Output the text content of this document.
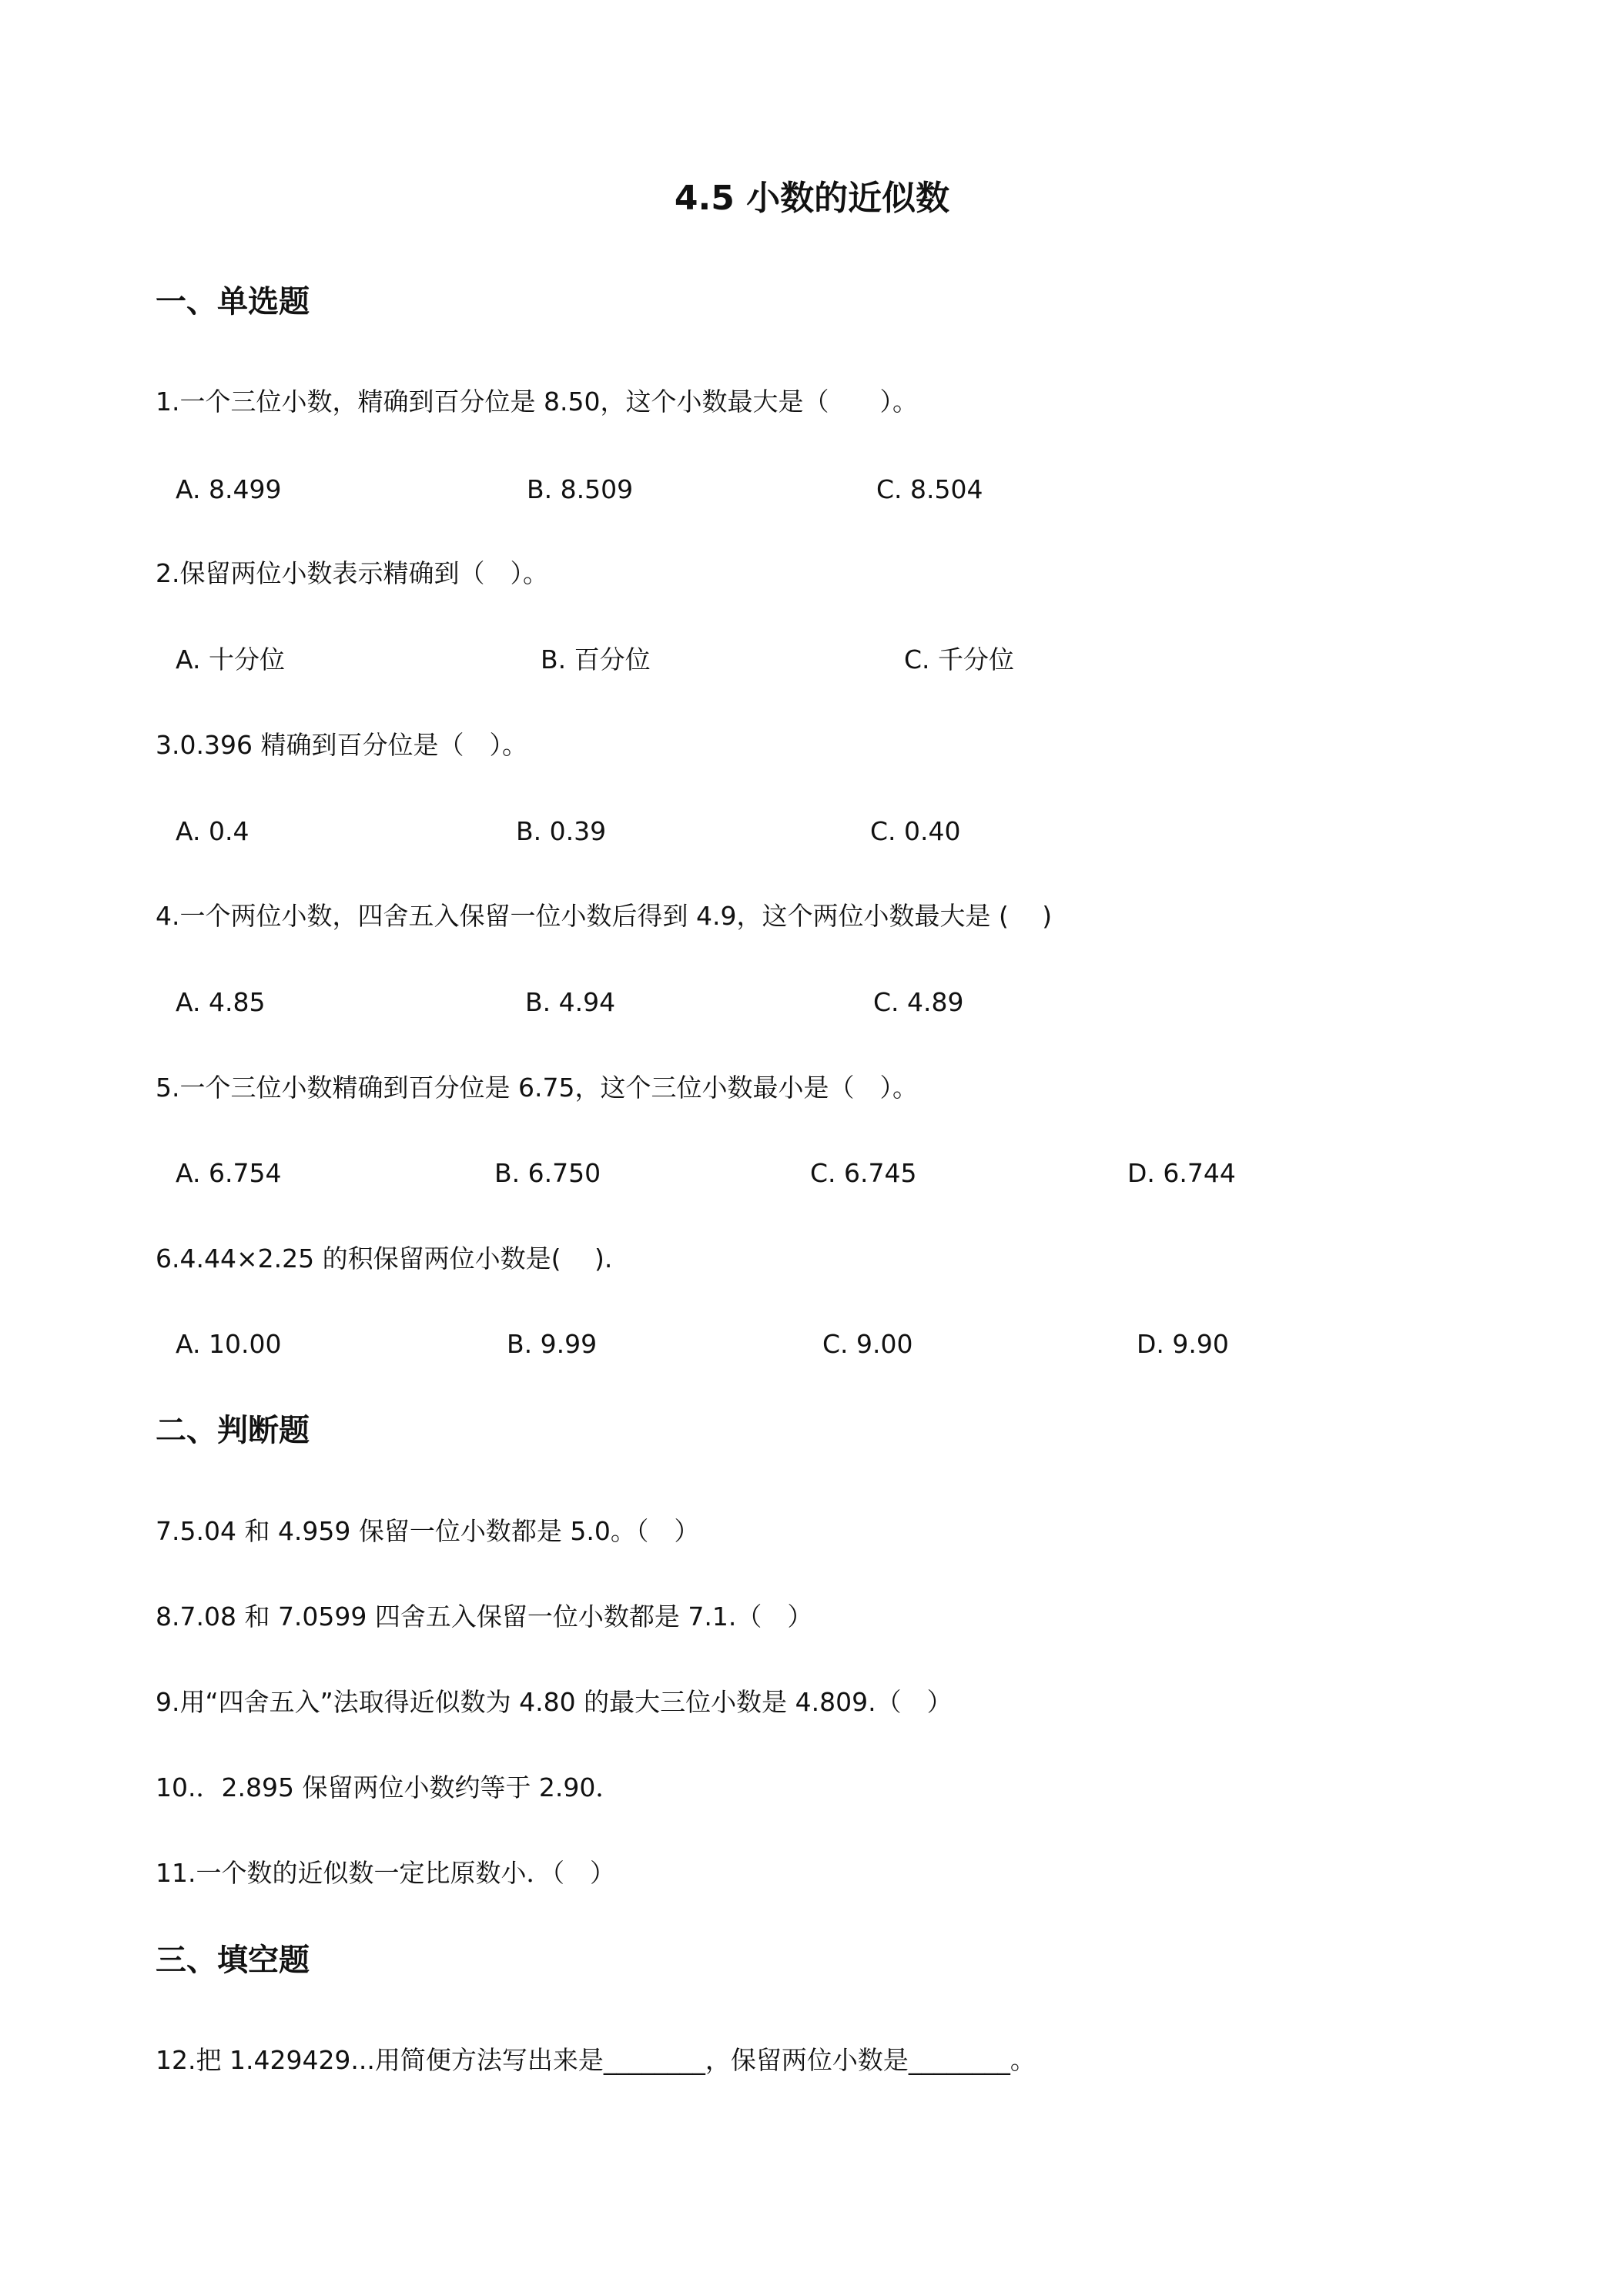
4.5 小数的近似数
一、单选题
1.一个三位小数，精确到百分位是 8.50，这个小数最大是（　　）。
A. 8.499	B. 8.509	C. 8.504
2.保留两位小数表示精确到（　）。
A. 十分位	B. 百分位	C. 千分位
3.0.396 精确到百分位是（　）。
A. 0.4	B. 0.39	C. 0.40
4.一个两位小数，四舍五入保留一位小数后得到 4.9，这个两位小数最大是 (　 )
A. 4.85	B. 4.94	C. 4.89
5.一个三位小数精确到百分位是 6.75，这个三位小数最小是（　）。
A. 6.754	B. 6.750	C. 6.745	D. 6.744
6.4.44×2.25 的积保留两位小数是(　 ).
A. 10.00	B. 9.99	C. 9.00	D. 9.90
二、判断题
7.5.04 和 4.959 保留一位小数都是 5.0。（　）
8.7.08 和 7.0599 四舍五入保留一位小数都是 7.1.（　）
9.用“四舍五入”法取得近似数为 4.80 的最大三位小数是 4.809.（　）
10.．2.895 保留两位小数约等于 2.90．
11.一个数的近似数一定比原数小．（　）
三、填空题
12.把 1.429429...用简便方法写出来是________，保留两位小数是________。
